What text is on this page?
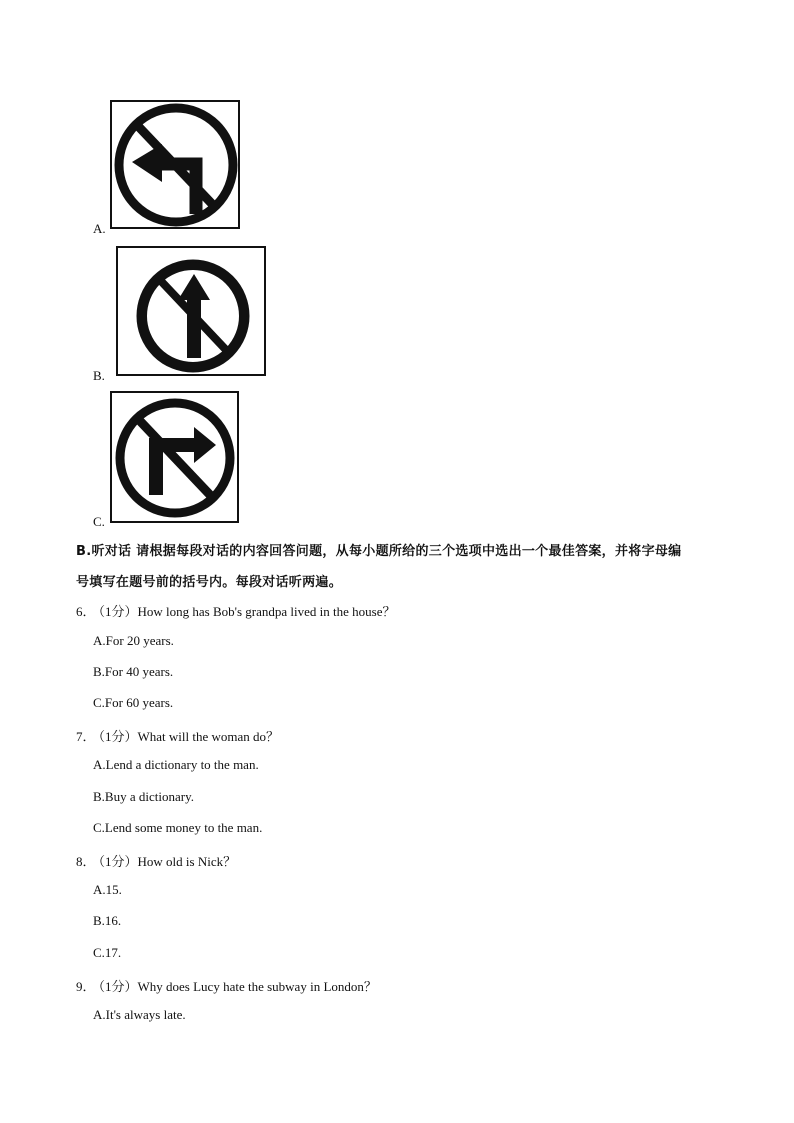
A.
B.
C.
B.听对话 请根据每段对话的内容回答问题，从每小题所给的三个选项中选出一个最佳答案，并将字母编
号填写在题号前的括号内。每段对话听两遍。
6．（1分）How long has Bob's grandpa lived in the house？
A.For 20 years.
B.For 40 years.
C.For 60 years.
7．（1分）What will the woman do？
A.Lend a dictionary to the man.
B.Buy a dictionary.
C.Lend some money to the man.
8．（1分）How old is Nick？
A.15.
B.16.
C.17.
9．（1分）Why does Lucy hate the subway in London？
A.It's always late.
